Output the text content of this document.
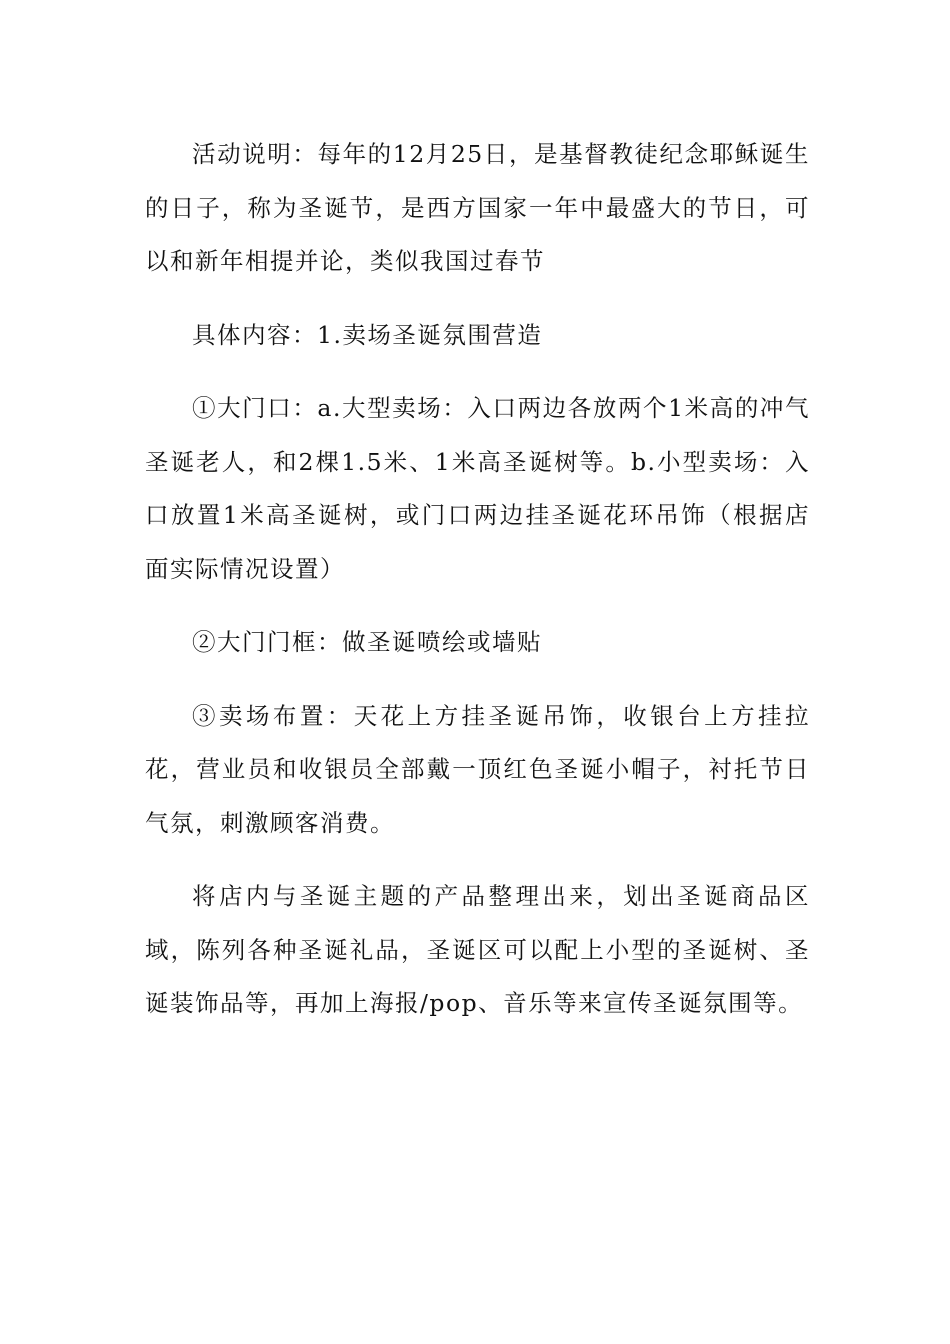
活动说明：每年的12月25日，是基督教徒纪念耶稣诞生的日子，称为圣诞节，是西方国家一年中最盛大的节日，可以和新年相提并论，类似我国过春节

具体内容：1.卖场圣诞氛围营造

①大门口：a.大型卖场：入口两边各放两个1米高的冲气圣诞老人，和2棵1.5米、1米高圣诞树等。b.小型卖场：入口放置1米高圣诞树，或门口两边挂圣诞花环吊饰（根据店面实际情况设置）

②大门门框：做圣诞喷绘或墙贴

③卖场布置：天花上方挂圣诞吊饰，收银台上方挂拉花，营业员和收银员全部戴一顶红色圣诞小帽子，衬托节日气氛，刺激顾客消费。

将店内与圣诞主题的产品整理出来，划出圣诞商品区域，陈列各种圣诞礼品，圣诞区可以配上小型的圣诞树、圣诞装饰品等，再加上海报/pop、音乐等来宣传圣诞氛围等。
